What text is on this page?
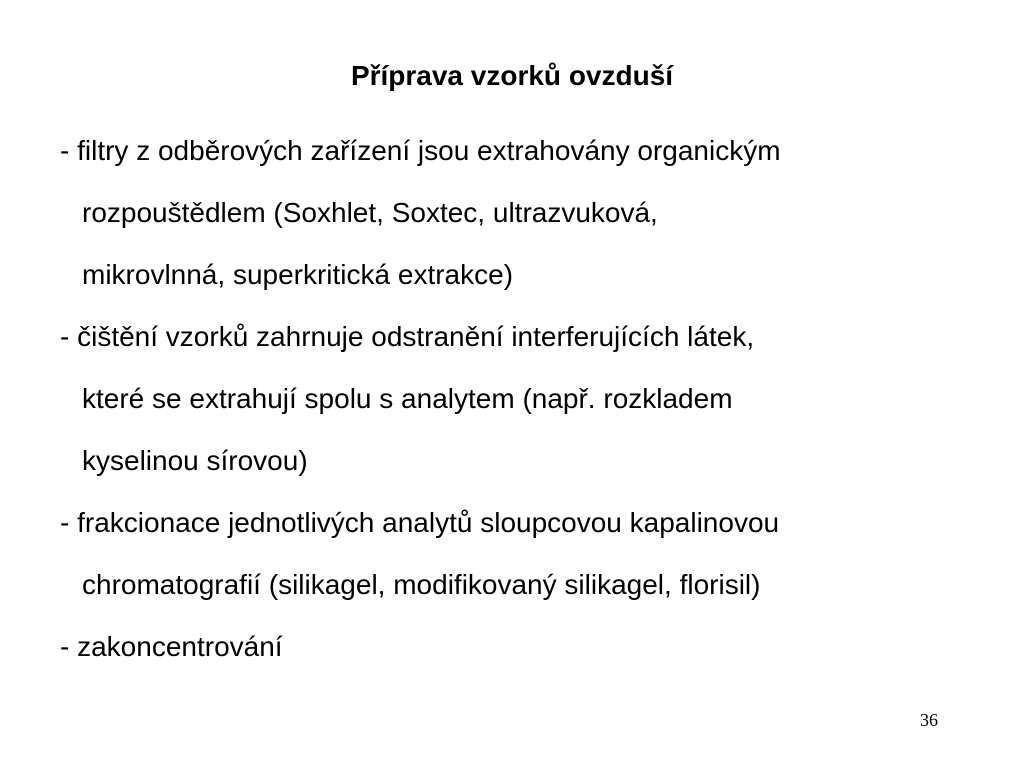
Příprava vzorků ovzduší
- filtry z odběrových zařízení jsou extrahovány organickým
rozpouštědlem (Soxhlet, Soxtec, ultrazvuková,
mikrovlnná, superkritická extrakce)
- čištění vzorků zahrnuje odstranění interferujících látek,
které se extrahují spolu s analytem (např. rozkladem
kyselinou sírovou)
- frakcionace jednotlivých analytů sloupcovou kapalinovou
chromatografií (silikagel, modifikovaný silikagel, florisil)
- zakoncentrování
36
